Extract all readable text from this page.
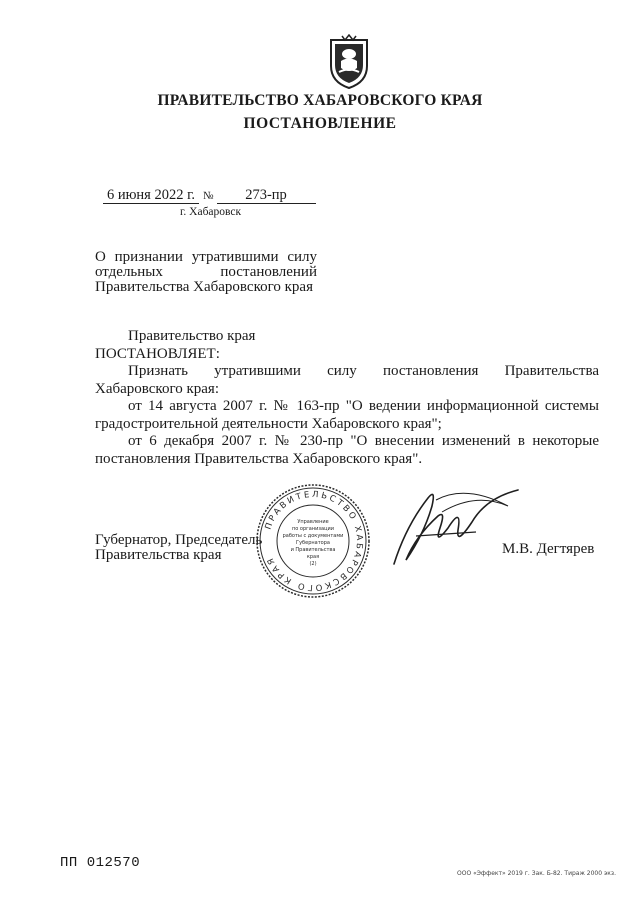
ПРАВИТЕЛЬСТВО ХАБАРОВСКОГО КРАЯ
ПОСТАНОВЛЕНИЕ
6 июня 2022 г. № 273-пр
г. Хабаровск
О признании утратившими силу
отдельных постановлений
Правительства Хабаровского края

Правительство края

ПОСТАНОВЛЯЕТ:

Признать утратившими силу постановления Правительства Хабаровского края:

от 14 августа 2007 г. № 163-пр "О ведении информационной системы градостроительной деятельности Хабаровского края";

от 6 декабря 2007 г. № 230-пр "О внесении изменений в некоторые постановления Правительства Хабаровского края".

Губернатор, Председатель
Правительства края	М.В. Дегтярев
ПРАВИТЕЛЬСТВО ХАБАРОВСКОГО КРАЯ
Управление
по организации
работы с документами
Губернатора
и Правительства
края
(2)
ПП 012570
ООО «Эффект» 2019 г. Зак. Б-82. Тираж 2000 экз.
